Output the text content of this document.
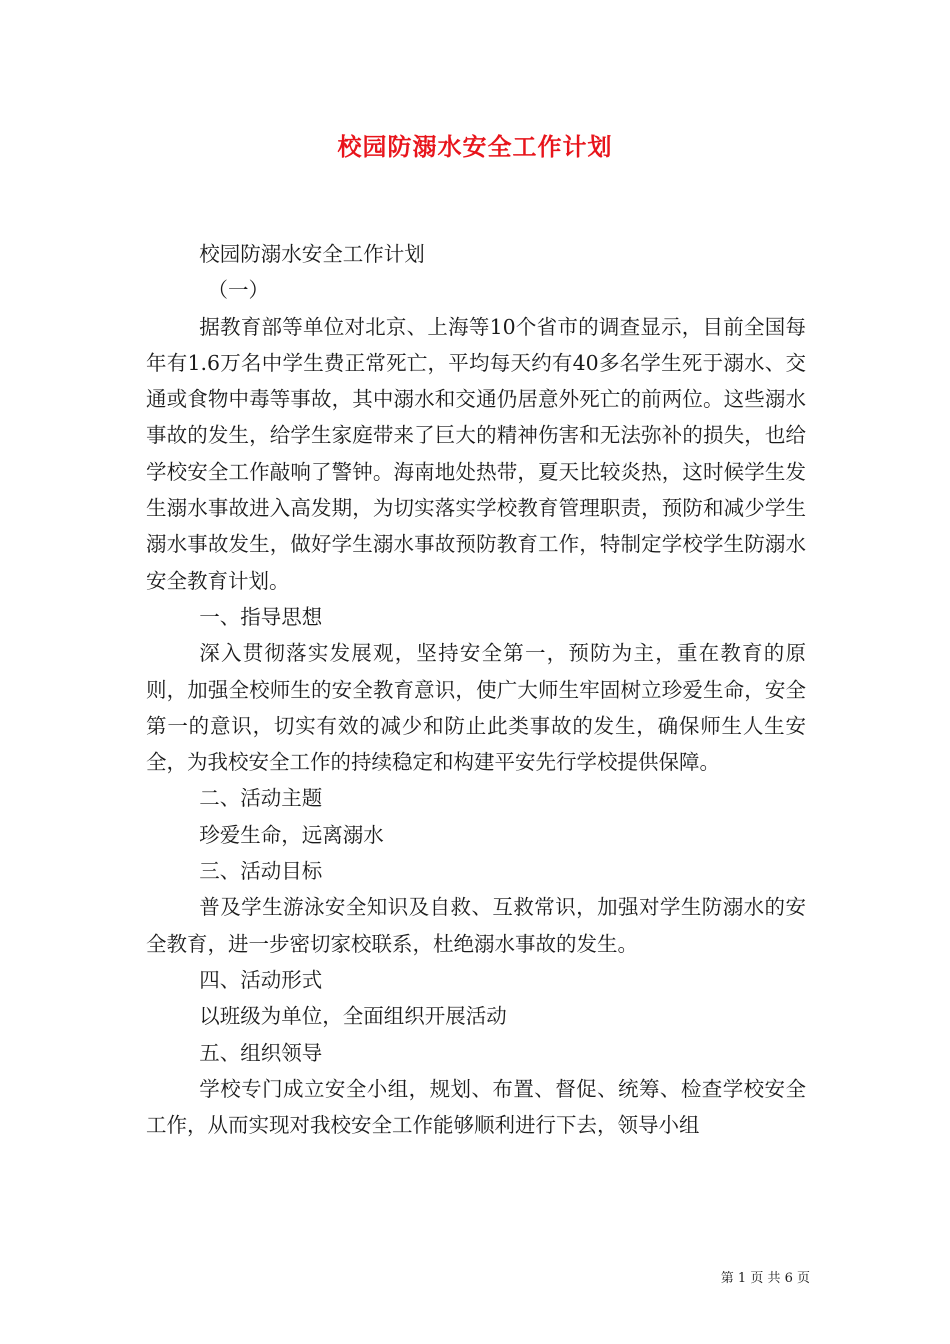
校园防溺水安全工作计划

校园防溺水安全工作计划

（一）

据教育部等单位对北京、上海等10个省市的调查显示，目前全国每年有1.6万名中学生费正常死亡，平均每天约有40多名学生死于溺水、交通或食物中毒等事故，其中溺水和交通仍居意外死亡的前两位。这些溺水事故的发生，给学生家庭带来了巨大的精神伤害和无法弥补的损失，也给学校安全工作敲响了警钟。海南地处热带，夏天比较炎热，这时候学生发生溺水事故进入高发期，为切实落实学校教育管理职责，预防和减少学生溺水事故发生，做好学生溺水事故预防教育工作，特制定学校学生防溺水安全教育计划。

一、指导思想

深入贯彻落实发展观，坚持安全第一，预防为主，重在教育的原则，加强全校师生的安全教育意识，使广大师生牢固树立珍爱生命，安全第一的意识，切实有效的减少和防止此类事故的发生，确保师生人生安全，为我校安全工作的持续稳定和构建平安先行学校提供保障。

二、活动主题

珍爱生命，远离溺水

三、活动目标

普及学生游泳安全知识及自救、互救常识，加强对学生防溺水的安全教育，进一步密切家校联系，杜绝溺水事故的发生。

四、活动形式

以班级为单位，全面组织开展活动

五、组织领导

学校专门成立安全小组，规划、布置、督促、统筹、检查学校安全工作，从而实现对我校安全工作能够顺利进行下去，领导小组

第 1 页 共 6 页
